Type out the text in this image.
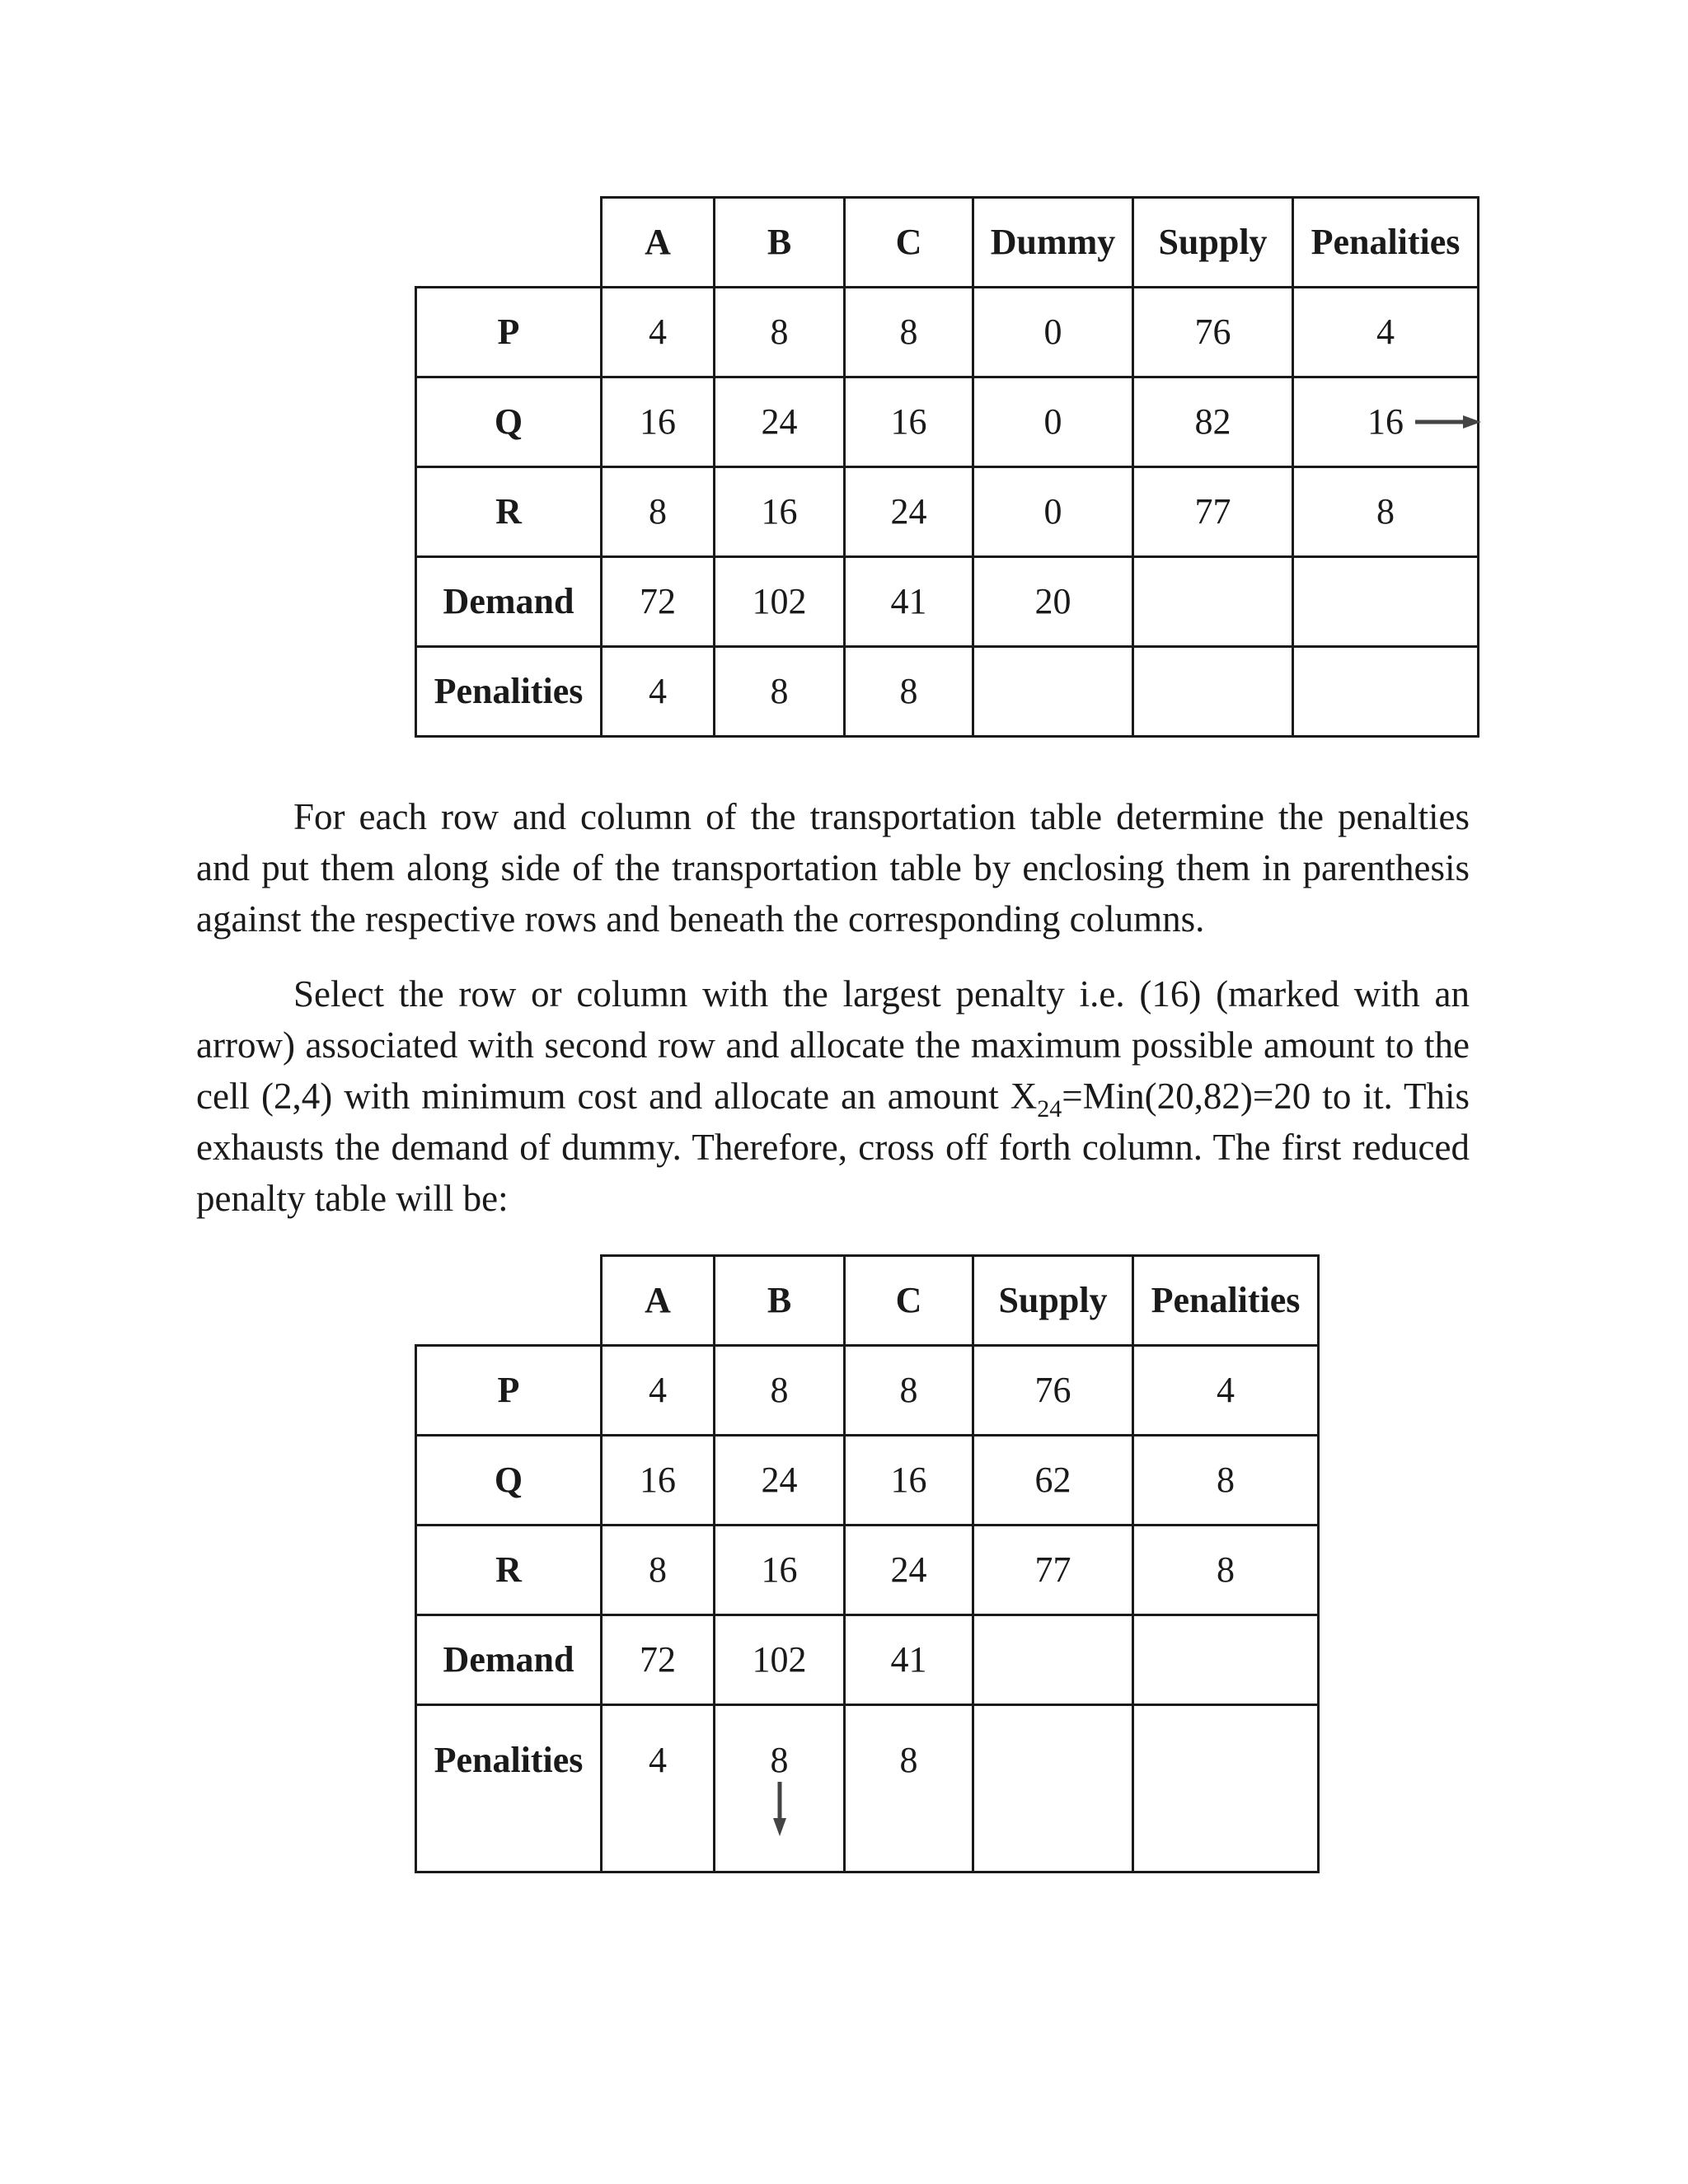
	A	B	C	Dummy	Supply	Penalities
P	4	8	8	0	76	4
Q	16	24	16	0	82	16

R	8	16	24	0	77	8
Demand	72	102	41	20		
Penalities	4	8	8			

For each row and column of the transportation table determine the penalties and put them along side of the transportation table by enclosing them in parenthesis against the respective rows and beneath the corresponding columns.

Select the row or column with the largest penalty i.e. (16) (marked with an arrow) associated with second row and allocate the maximum possible amount to the cell (2,4) with minimum cost and allocate an amount $X_{24}=Min(20,82)=20$ to it. This exhausts the demand of dummy. Therefore, cross off forth column. The first reduced penalty table will be:

	A	B	C	Supply	Penalities
P	4	8	8	76	4
Q	16	24	16	62	8
R	8	16	24	77	8
Demand	72	102	41		
Penalities	4	8	8		
